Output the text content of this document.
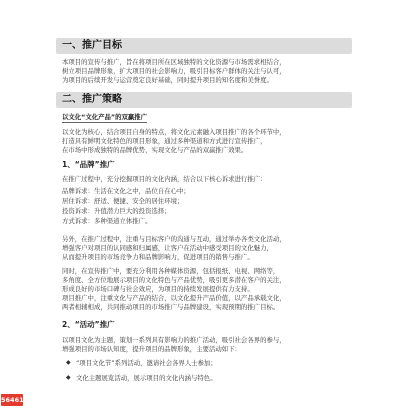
一、推广目标
本项目的宣传与推广，旨在将项目所在区域独特的文化资源与市场需求相结合，
树立项目品牌形象，扩大项目的社会影响力，吸引目标客户群体的关注与认可，
为项目的后续开发与运营奠定良好基础，同时提升项目的知名度和美誉度。
二、推广策略
以文化“文化产品”的双赢推广
以文化为核心，结合项目自身的特点，将文化元素融入项目推广的各个环节中，
打造具有鲜明文化特色的项目形象，通过多种渠道和方式进行宣传推广，
在市场中形成独特的品牌优势，实现文化与产品的双赢推广效果。
1、“品牌”推广
在推广过程中，充分挖掘项目的文化内涵，结合以下核心诉求进行推广：
品牌诉求：生活在文化之中，品位自在心中；
居住诉求：舒适、便捷、安全的居住环境；
投资诉求：升值潜力巨大的投资选择；
方式诉求：多种渠道立体推广。
另外，在推广过程中，注重与目标客户的沟通与互动，通过举办各类文化活动，
增强客户对项目的认同感和归属感，让客户在活动中感受项目的文化魅力，
从而提升项目的市场竞争力和品牌影响力，促进项目的销售与推广。
同时，在宣传推广中，要充分利用各种媒体资源，包括报纸、电视、网络等，
多角度、全方位地展示项目的文化特色与产品优势，吸引更多潜在客户的关注，
形成良好的市场口碑与社会效应，为项目的持续发展提供有力支持。
项目推广中，注重文化与产品的结合，以文化提升产品价值，以产品承载文化，
两者相辅相成，共同推动项目的市场推广与品牌建设，实现预期的推广目标。
2、“活动”推广
以项目文化为主题，策划一系列具有影响力的推广活动，吸引社会各界的参与，
增强项目的市场认知度，提升项目的品牌形象，主要活动如下：
◆ “项目文化节”系列活动，邀请社会各界人士参加；
◆ 文化主题展览活动，展示项目的文化内涵与特色。
56461
